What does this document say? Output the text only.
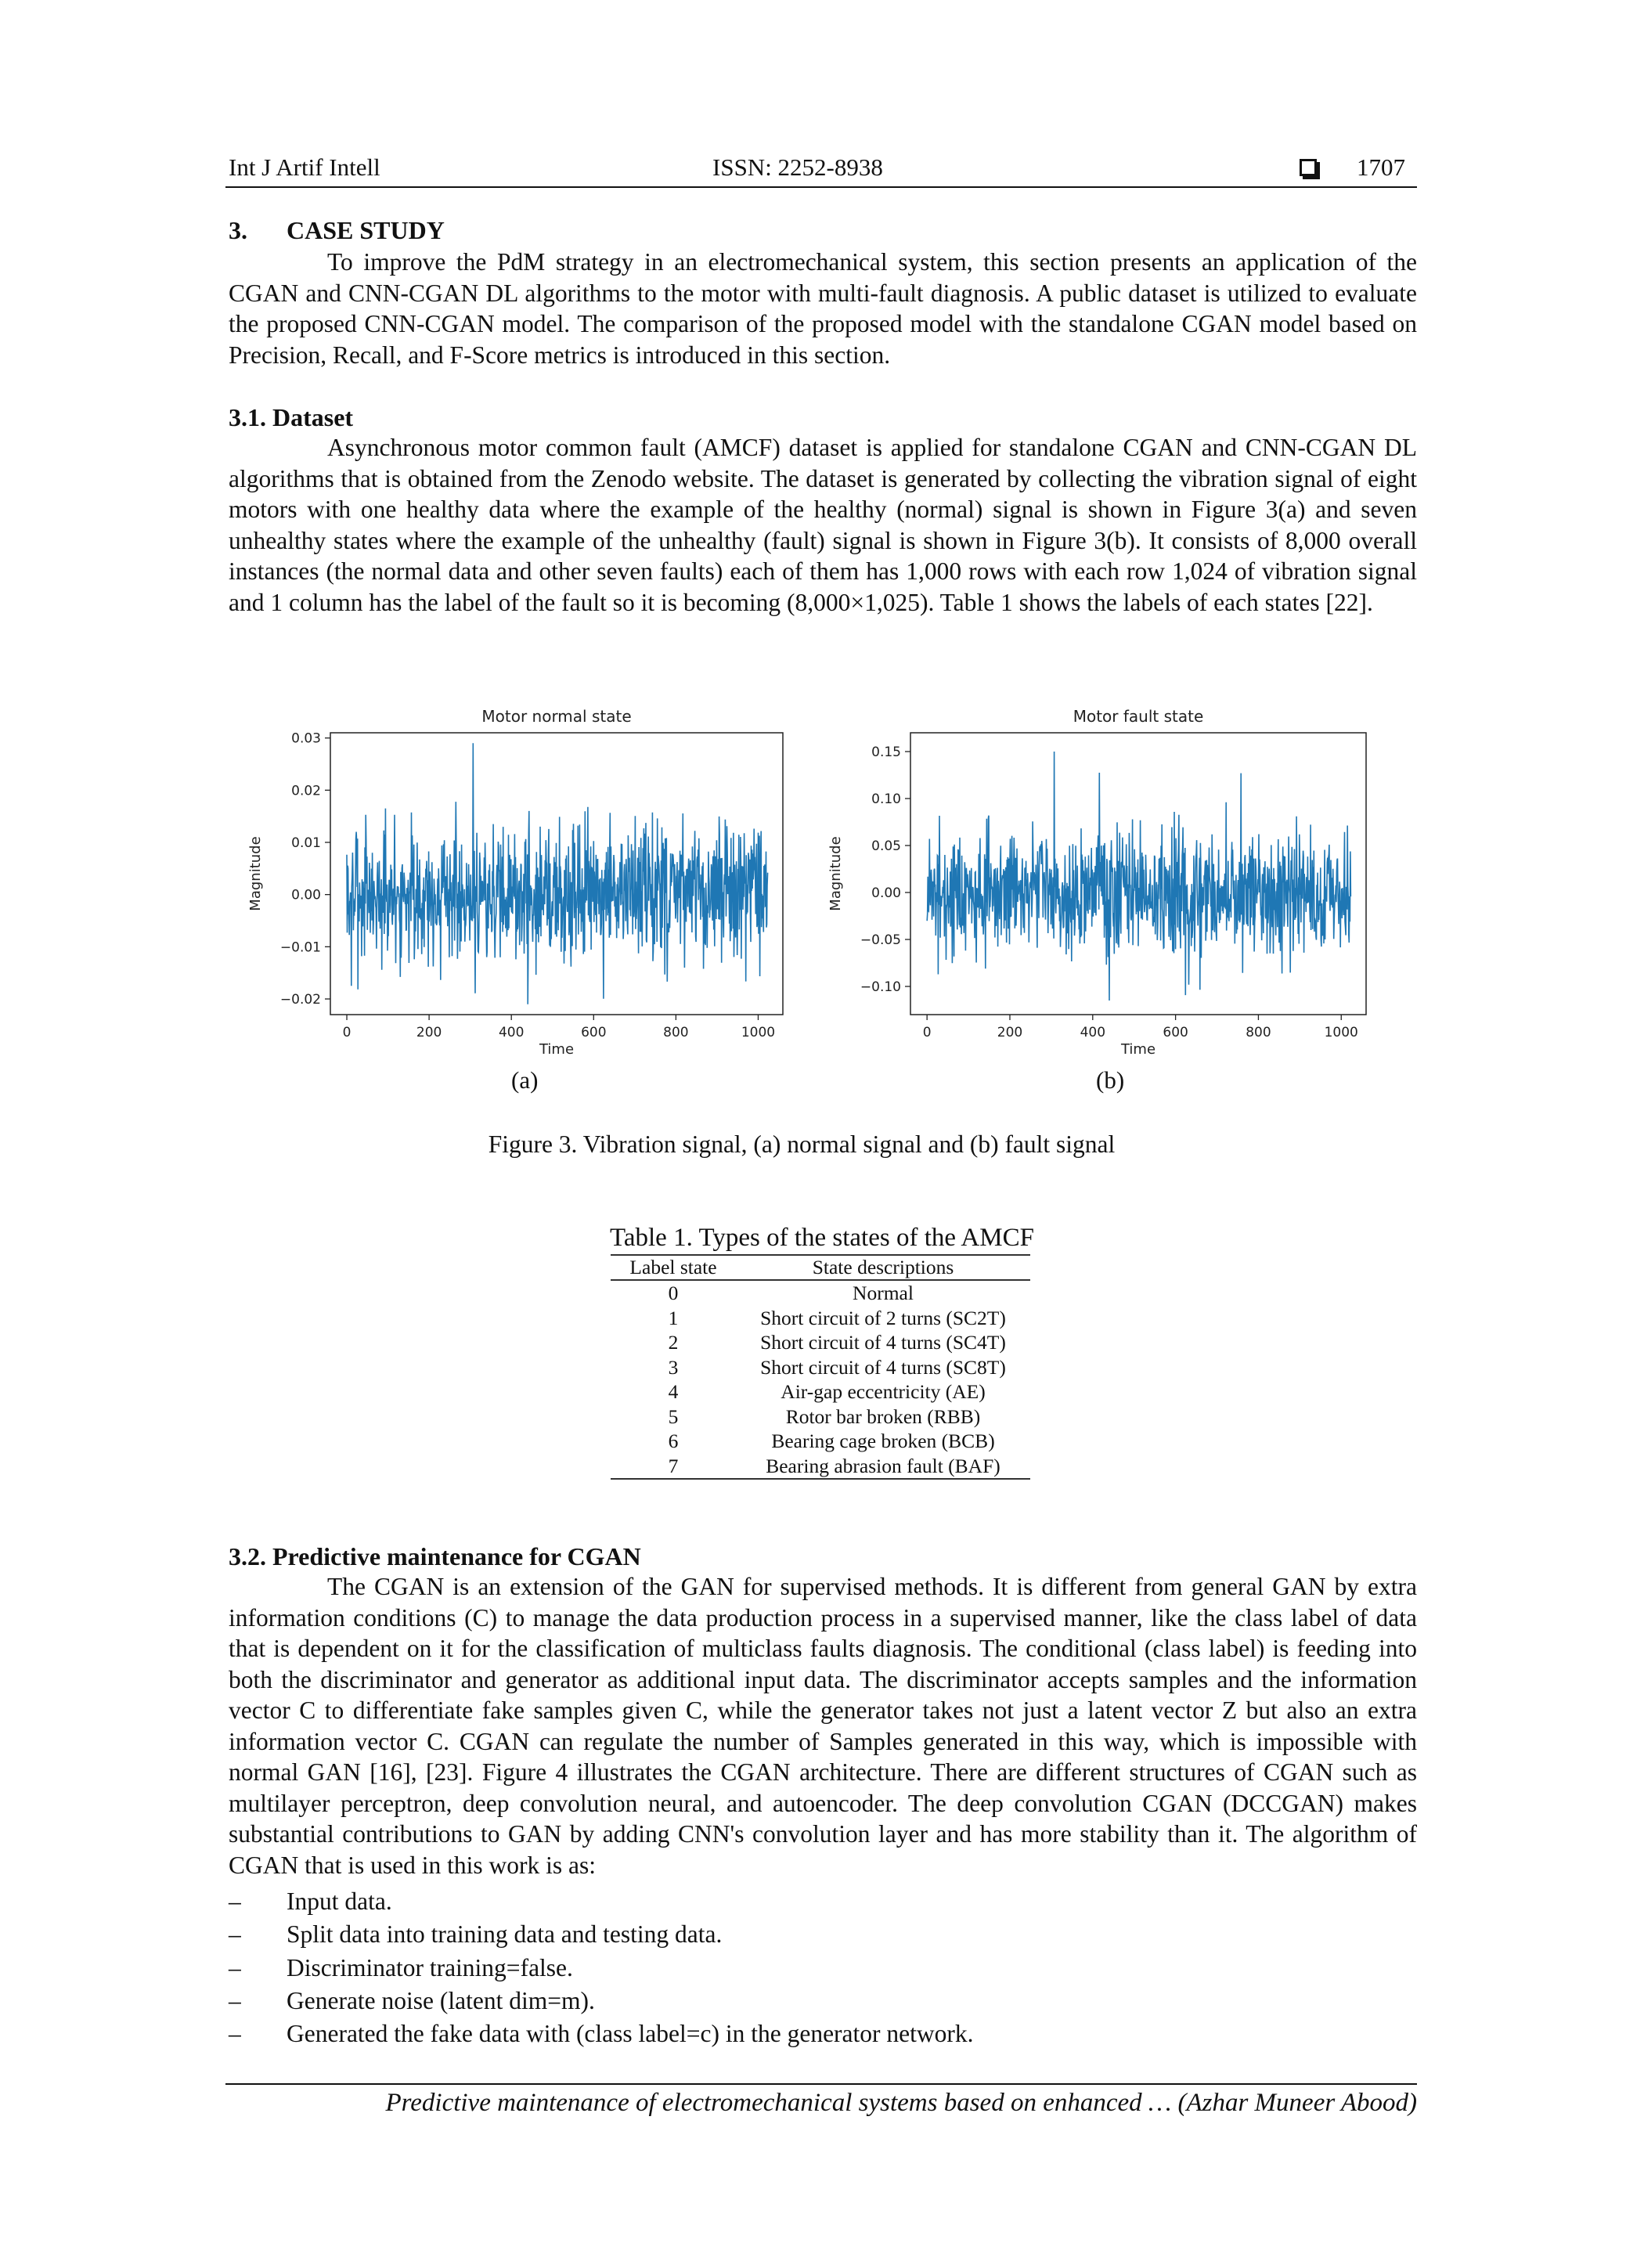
Int J Artif Intell	ISSN: 2252-8938	1707
3. CASE STUDY

To improve the PdM strategy in an electromechanical system, this section presents an application of the CGAN and CNN-CGAN DL algorithms to the motor with multi-fault diagnosis. A public dataset is utilized to evaluate the proposed CNN-CGAN model. The comparison of the proposed model with the standalone CGAN model based on Precision, Recall, and F-Score metrics is introduced in this section.

3.1. Dataset

Asynchronous motor common fault (AMCF) dataset is applied for standalone CGAN and CNN-CGAN DL algorithms that is obtained from the Zenodo website. The dataset is generated by collecting the vibration signal of eight motors with one healthy data where the example of the healthy (normal) signal is shown in Figure 3(a) and seven unhealthy states where the example of the unhealthy (fault) signal is shown in Figure 3(b). It consists of 8,000 overall instances (the normal data and other seven faults) each of them has 1,000 rows with each row 1,024 of vibration signal and 1 column has the label of the fault so it is becoming (8,000×1,025). Table 1 shows the labels of each states [22].

Motor normal state
0	200	400	600	800	1000
−0.02
−0.01
0.00
0.01
0.02
0.03
Time
Magnitude
Motor fault state
0	200	400	600	800	1000
−0.10
−0.05
0.00
0.05
0.10
0.15
Time
Magnitude
(a)	(b)
Figure 3. Vibration signal, (a) normal signal and (b) fault signal
Table 1. Types of the states of the AMCF
Label state	State descriptions
0	Normal
1	Short circuit of 2 turns (SC2T)
2	Short circuit of 4 turns (SC4T)
3	Short circuit of 4 turns (SC8T)
4	Air-gap eccentricity (AE)
5	Rotor bar broken (RBB)
6	Bearing cage broken (BCB)
7	Bearing abrasion fault (BAF)
3.2. Predictive maintenance for CGAN

The CGAN is an extension of the GAN for supervised methods. It is different from general GAN by extra information conditions (C) to manage the data production process in a supervised manner, like the class label of data that is dependent on it for the classification of multiclass faults diagnosis. The conditional (class label) is feeding into both the discriminator and generator as additional input data. The discriminator accepts samples and the information vector C to differentiate fake samples given C, while the generator takes not just a latent vector Z but also an extra information vector C. CGAN can regulate the number of Samples generated in this way, which is impossible with normal GAN [16], [23]. Figure 4 illustrates the CGAN architecture. There are different structures of CGAN such as multilayer perceptron, deep convolution neural, and autoencoder. The deep convolution CGAN (DCCGAN) makes substantial contributions to GAN by adding CNN's convolution layer and has more stability than it. The algorithm of CGAN that is used in this work is as:

– Input data.
– Split data into training data and testing data.
– Discriminator training=false.
– Generate noise (latent dim=m).
– Generated the fake data with (class label=c) in the generator network.
Predictive maintenance of electromechanical systems based on enhanced … (Azhar Muneer Abood)
